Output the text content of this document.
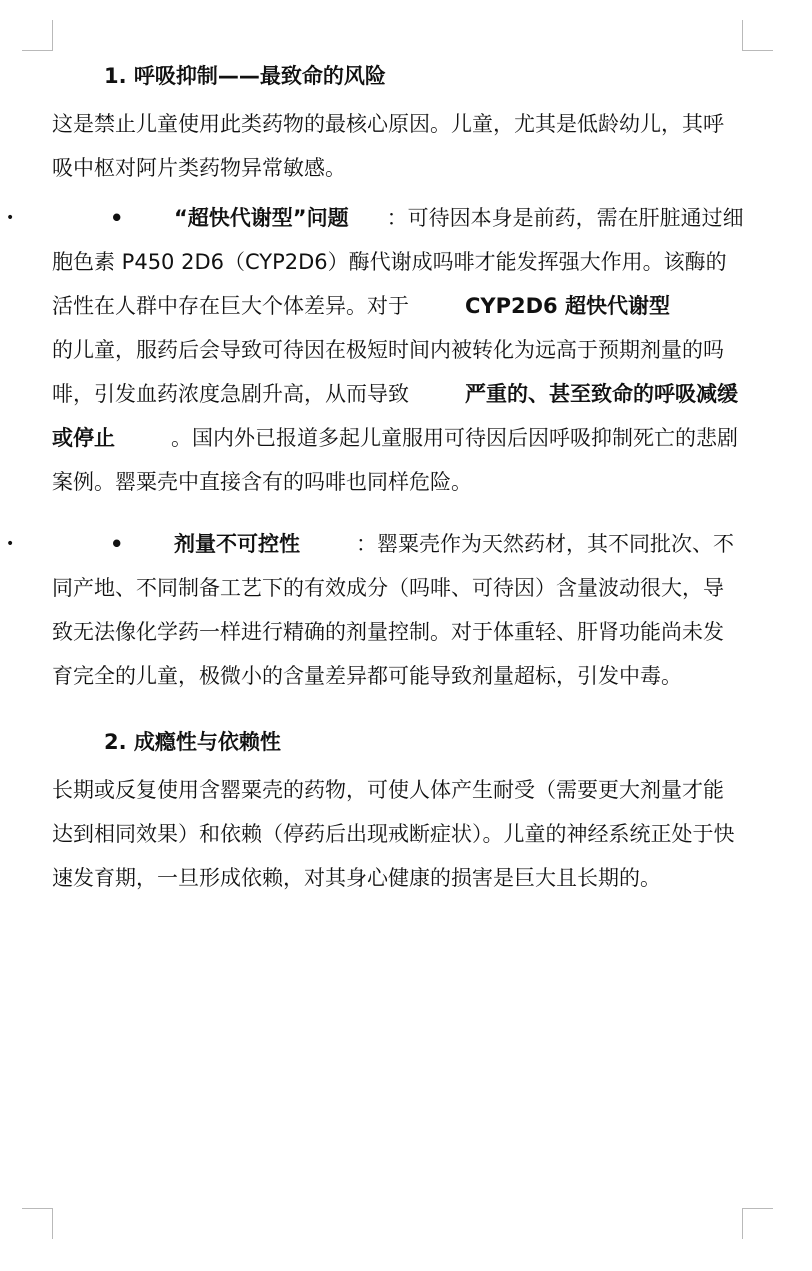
1. 呼吸抑制——最致命的风险

这是禁止儿童使用此类药物的最核心原因。儿童，尤其是低龄幼儿，其呼吸中枢对阿片类药物异常敏感。

•	• “超快代谢型”问题 ：可待因本身是前药，需在肝脏通过细胞色素 P450 2D6（CYP2D6）酶代谢成吗啡才能发挥强大作用。该酶的活性在人群中存在巨大个体差异。对于	CYP2D6 超快代谢型的儿童，服药后会导致可待因在极短时间内被转化为远高于预期剂量的吗啡，引发血药浓度急剧升高，从而导致	严重的、甚至致命的呼吸减缓或停止	。国内外已报道多起儿童服用可待因后因呼吸抑制死亡的悲剧案例。罂粟壳中直接含有的吗啡也同样危险。

•	• 剂量不可控性	：罂粟壳作为天然药材，其不同批次、不同产地、不同制备工艺下的有效成分（吗啡、可待因）含量波动很大，导致无法像化学药一样进行精确的剂量控制。对于体重轻、肝肾功能尚未发育完全的儿童，极微小的含量差异都可能导致剂量超标，引发中毒。

2. 成瘾性与依赖性

长期或反复使用含罂粟壳的药物，可使人体产生耐受（需要更大剂量才能达到相同效果）和依赖（停药后出现戒断症状）。儿童的神经系统正处于快速发育期，一旦形成依赖，对其身心健康的损害是巨大且长期的。
